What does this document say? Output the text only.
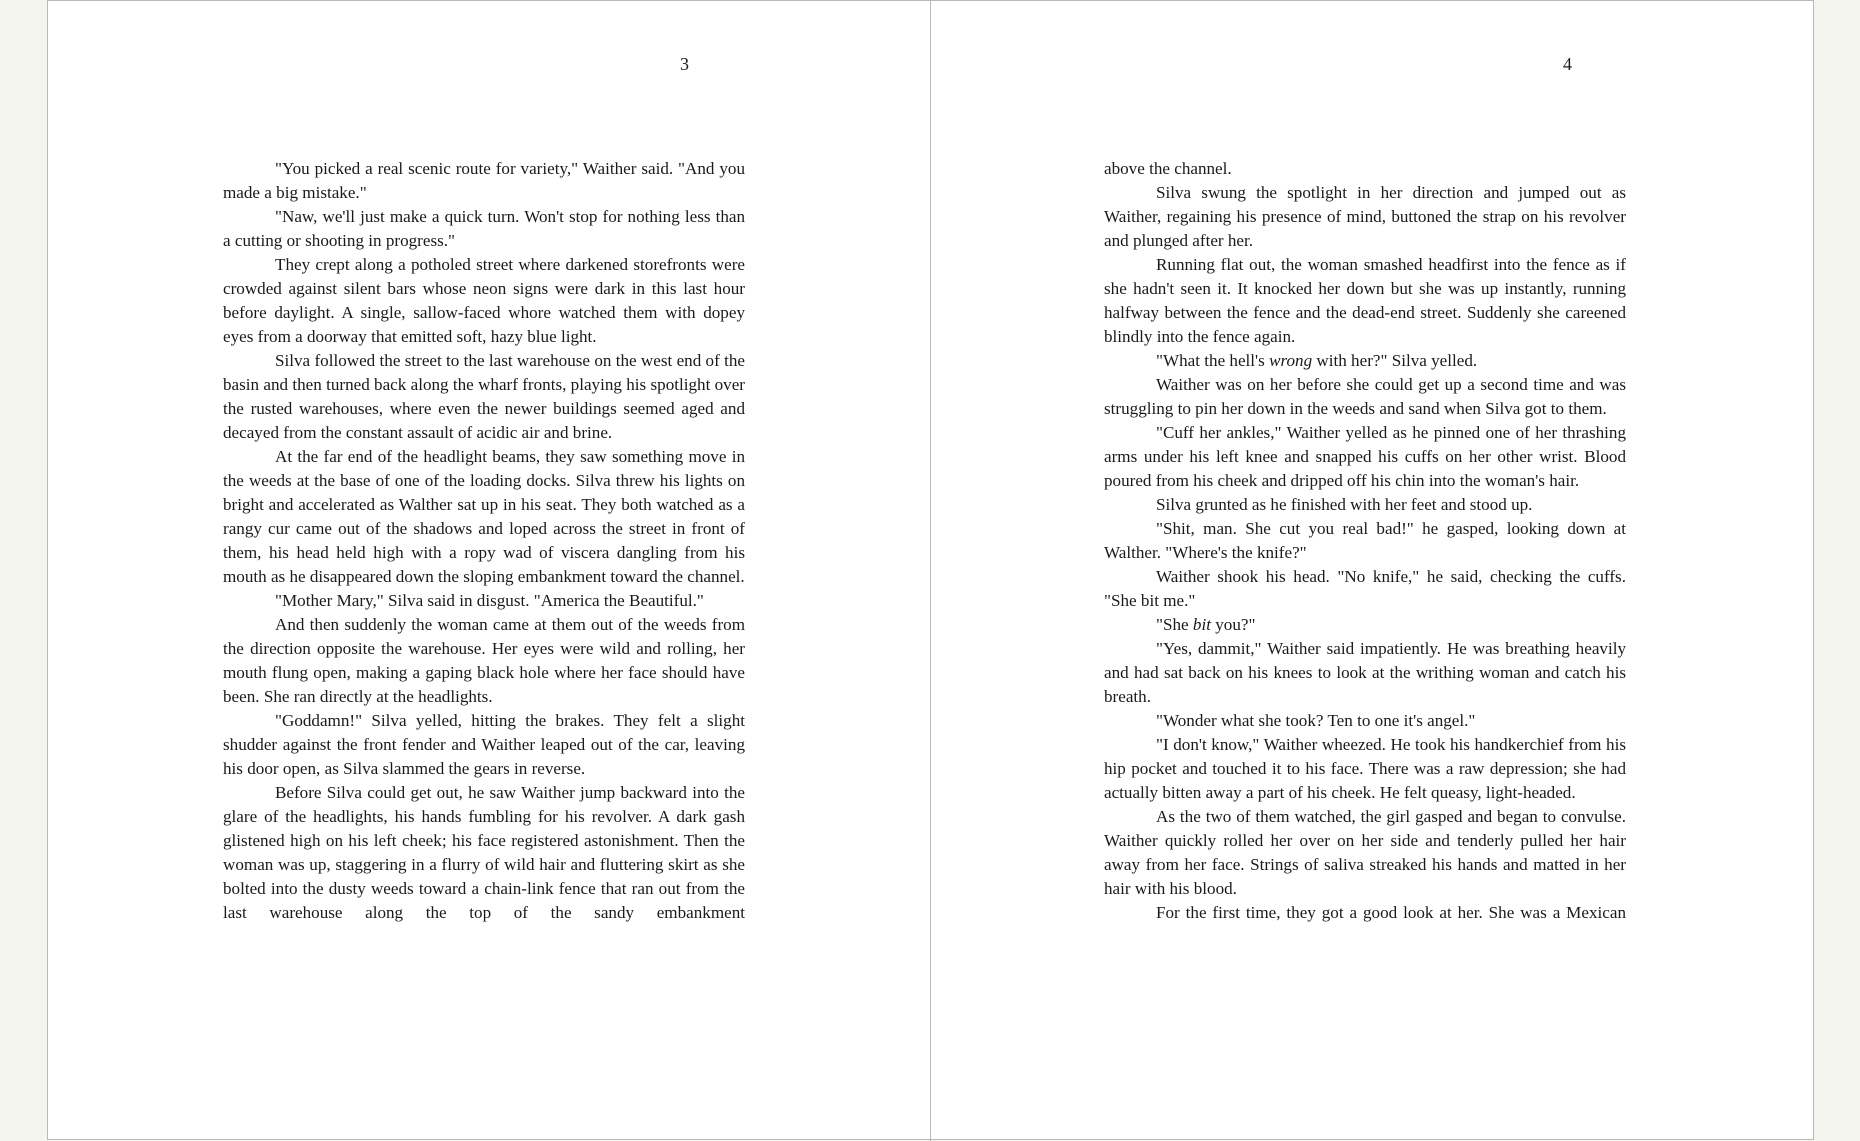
3

"You picked a real scenic route for variety," Waither said. "And you made a big mistake."

"Naw, we'll just make a quick turn. Won't stop for nothing less than a cutting or shooting in progress."

They crept along a potholed street where darkened storefronts were crowded against silent bars whose neon signs were dark in this last hour before daylight. A single, sallow-faced whore watched them with dopey eyes from a doorway that emitted soft, hazy blue light.

Silva followed the street to the last warehouse on the west end of the basin and then turned back along the wharf fronts, playing his spotlight over the rusted warehouses, where even the newer buildings seemed aged and decayed from the constant assault of acidic air and brine.

At the far end of the headlight beams, they saw something move in the weeds at the base of one of the loading docks. Silva threw his lights on bright and accelerated as Walther sat up in his seat. They both watched as a rangy cur came out of the shadows and loped across the street in front of them, his head held high with a ropy wad of viscera dangling from his mouth as he disappeared down the sloping embankment toward the channel.

"Mother Mary," Silva said in disgust. "America the Beautiful."

And then suddenly the woman came at them out of the weeds from the direction opposite the warehouse. Her eyes were wild and rolling, her mouth flung open, making a gaping black hole where her face should have been. She ran directly at the headlights.

"Goddamn!" Silva yelled, hitting the brakes. They felt a slight shudder against the front fender and Waither leaped out of the car, leaving his door open, as Silva slammed the gears in reverse.

Before Silva could get out, he saw Waither jump backward into the glare of the headlights, his hands fumbling for his revolver. A dark gash glistened high on his left cheek; his face registered astonishment. Then the woman was up, staggering in a flurry of wild hair and fluttering skirt as she bolted into the dusty weeds toward a chain-link fence that ran out from the last warehouse along the top of the sandy embankment

4

above the channel.

Silva swung the spotlight in her direction and jumped out as Waither, regaining his presence of mind, buttoned the strap on his revolver and plunged after her.

Running flat out, the woman smashed headfirst into the fence as if she hadn't seen it. It knocked her down but she was up instantly, running halfway between the fence and the dead-end street. Suddenly she careened blindly into the fence again.

"What the hell's wrong with her?" Silva yelled.

Waither was on her before she could get up a second time and was struggling to pin her down in the weeds and sand when Silva got to them.

"Cuff her ankles," Waither yelled as he pinned one of her thrashing arms under his left knee and snapped his cuffs on her other wrist. Blood poured from his cheek and dripped off his chin into the woman's hair.

Silva grunted as he finished with her feet and stood up.

"Shit, man. She cut you real bad!" he gasped, looking down at Walther. "Where's the knife?"

Waither shook his head. "No knife," he said, checking the cuffs. "She bit me."

"She bit you?"

"Yes, dammit," Waither said impatiently. He was breathing heavily and had sat back on his knees to look at the writhing woman and catch his breath.

"Wonder what she took? Ten to one it's angel."

"I don't know," Waither wheezed. He took his handkerchief from his hip pocket and touched it to his face. There was a raw depression; she had actually bitten away a part of his cheek. He felt queasy, light-headed.

As the two of them watched, the girl gasped and began to convulse. Waither quickly rolled her over on her side and tenderly pulled her hair away from her face. Strings of saliva streaked his hands and matted in her hair with his blood.

For the first time, they got a good look at her. She was a Mexican
